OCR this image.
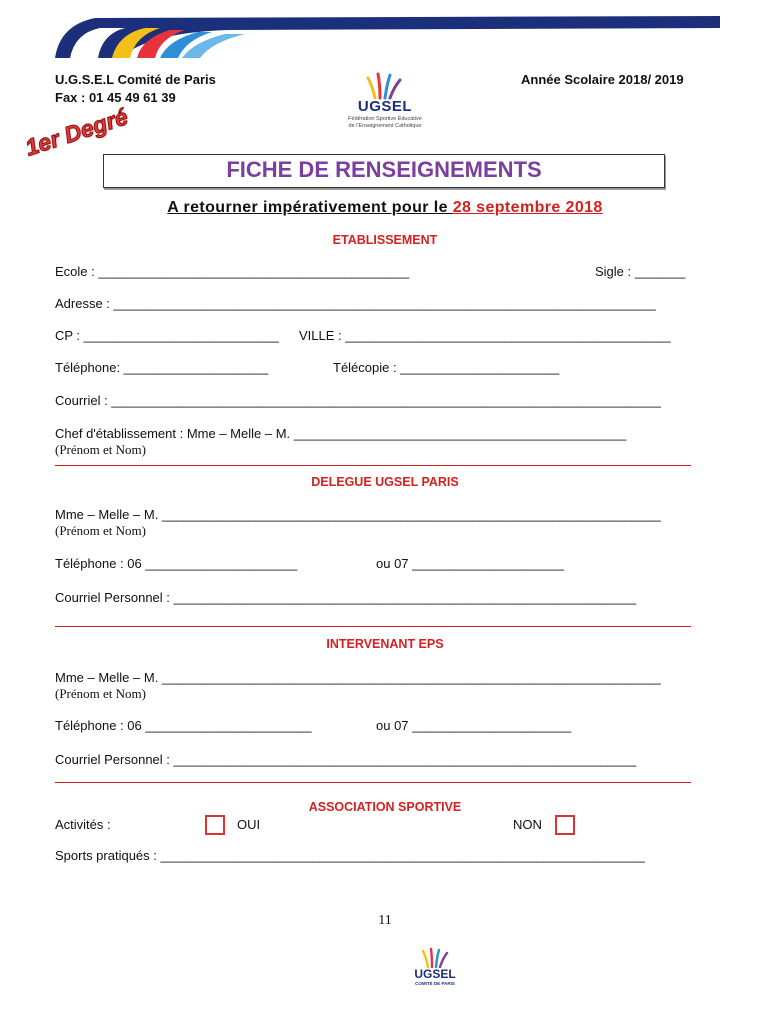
U.G.S.E.L Comité de Paris
Fax : 01 45 49 61 39
Année Scolaire 2018/ 2019
UGSEL
Fédération Sportive Éducative
de l'Enseignement Catholique
1er Degré
FICHE DE RENSEIGNEMENTS
A retourner impérativement pour le 28 septembre 2018
ETABLISSEMENT
Ecole : ___________________________________________	Sigle : _______
Adresse : ___________________________________________________________________________
CP : ___________________________ VILLE : _____________________________________________
Téléphone: ____________________	Télécopie : ______________________
Courriel : ____________________________________________________________________________
Chef d'établissement : Mme – Melle – M. ______________________________________________
(Prénom et Nom)
DELEGUE UGSEL PARIS
Mme – Melle – M. _____________________________________________________________________
(Prénom et Nom)
Téléphone : 06 _____________________	ou 07 _____________________
Courriel Personnel : ________________________________________________________________
INTERVENANT EPS
Mme – Melle – M. _____________________________________________________________________
(Prénom et Nom)
Téléphone : 06 _______________________	ou 07 ______________________
Courriel Personnel : ________________________________________________________________
ASSOCIATION SPORTIVE
Activités :	OUI	NON
Sports pratiqués : ___________________________________________________________________
11
UGSEL
COMITÉ DE PARIS
